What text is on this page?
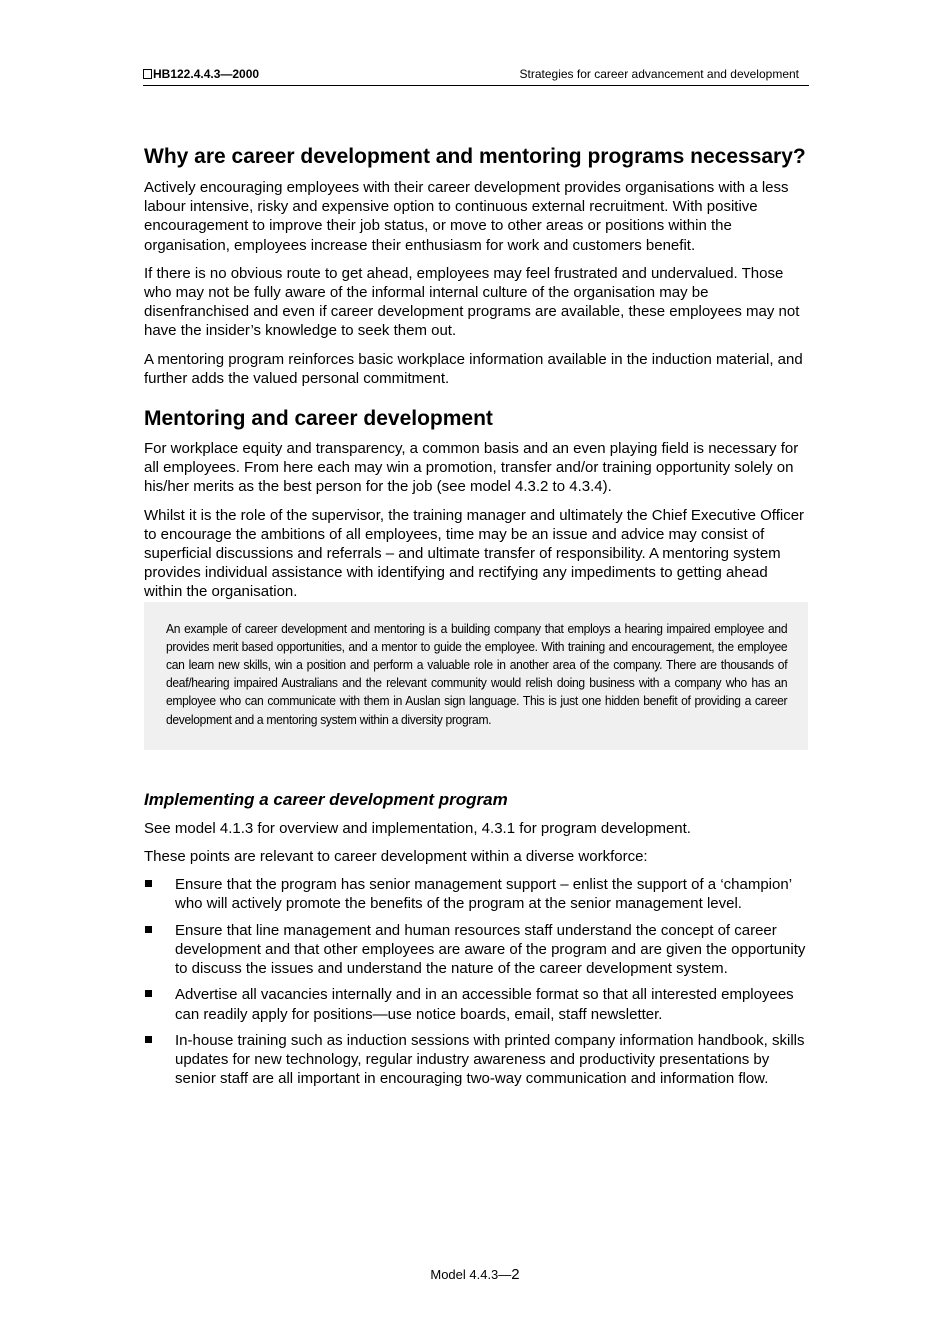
HB122.4.4.3—2000	Strategies for career advancement and development
Why are career development and mentoring programs necessary?

Actively encouraging employees with their career development provides organisations with a less labour intensive, risky and expensive option to continuous external recruitment. With positive encouragement to improve their job status, or move to other areas or positions within the organisation, employees increase their enthusiasm for work and customers benefit.

If there is no obvious route to get ahead, employees may feel frustrated and undervalued. Those who may not be fully aware of the informal internal culture of the organisation may be disenfranchised and even if career development programs are available, these employees may not have the insider’s knowledge to seek them out.

A mentoring program reinforces basic workplace information available in the induction material, and further adds the valued personal commitment.

Mentoring and career development

For workplace equity and transparency, a common basis and an even playing field is necessary for all employees. From here each may win a promotion, transfer and/or training opportunity solely on his/her merits as the best person for the job (see model 4.3.2 to 4.3.4).

Whilst it is the role of the supervisor, the training manager and ultimately the Chief Executive Officer to encourage the ambitions of all employees, time may be an issue and advice may consist of superficial discussions and referrals – and ultimate transfer of responsibility. A mentoring system provides individual assistance with identifying and rectifying any impediments to getting ahead within the organisation.

An example of career development and mentoring is a building company that employs a hearing impaired employee and provides merit based opportunities, and a mentor to guide the employee. With training and encouragement, the employee can learn new skills, win a position and perform a valuable role in another area of the company. There are thousands of deaf/hearing impaired Australians and the relevant community would relish doing business with a company who has an employee who can communicate with them in Auslan sign language. This is just one hidden benefit of providing a career development and a mentoring system within a diversity program.

Implementing a career development program

See model 4.1.3 for overview and implementation, 4.3.1 for program development.

These points are relevant to career development within a diverse workforce:

Ensure that the program has senior management support – enlist the support of a ‘champion’ who will actively promote the benefits of the program at the senior management level.
Ensure that line management and human resources staff understand the concept of career development and that other employees are aware of the program and are given the opportunity to discuss the issues and understand the nature of the career development system.
Advertise all vacancies internally and in an accessible format so that all interested employees can readily apply for positions—use notice boards, email, staff newsletter.
In-house training such as induction sessions with printed company information handbook, skills updates for new technology, regular industry awareness and productivity presentations by senior staff are all important in encouraging two-way communication and information flow.
Model 4.4.3—2
